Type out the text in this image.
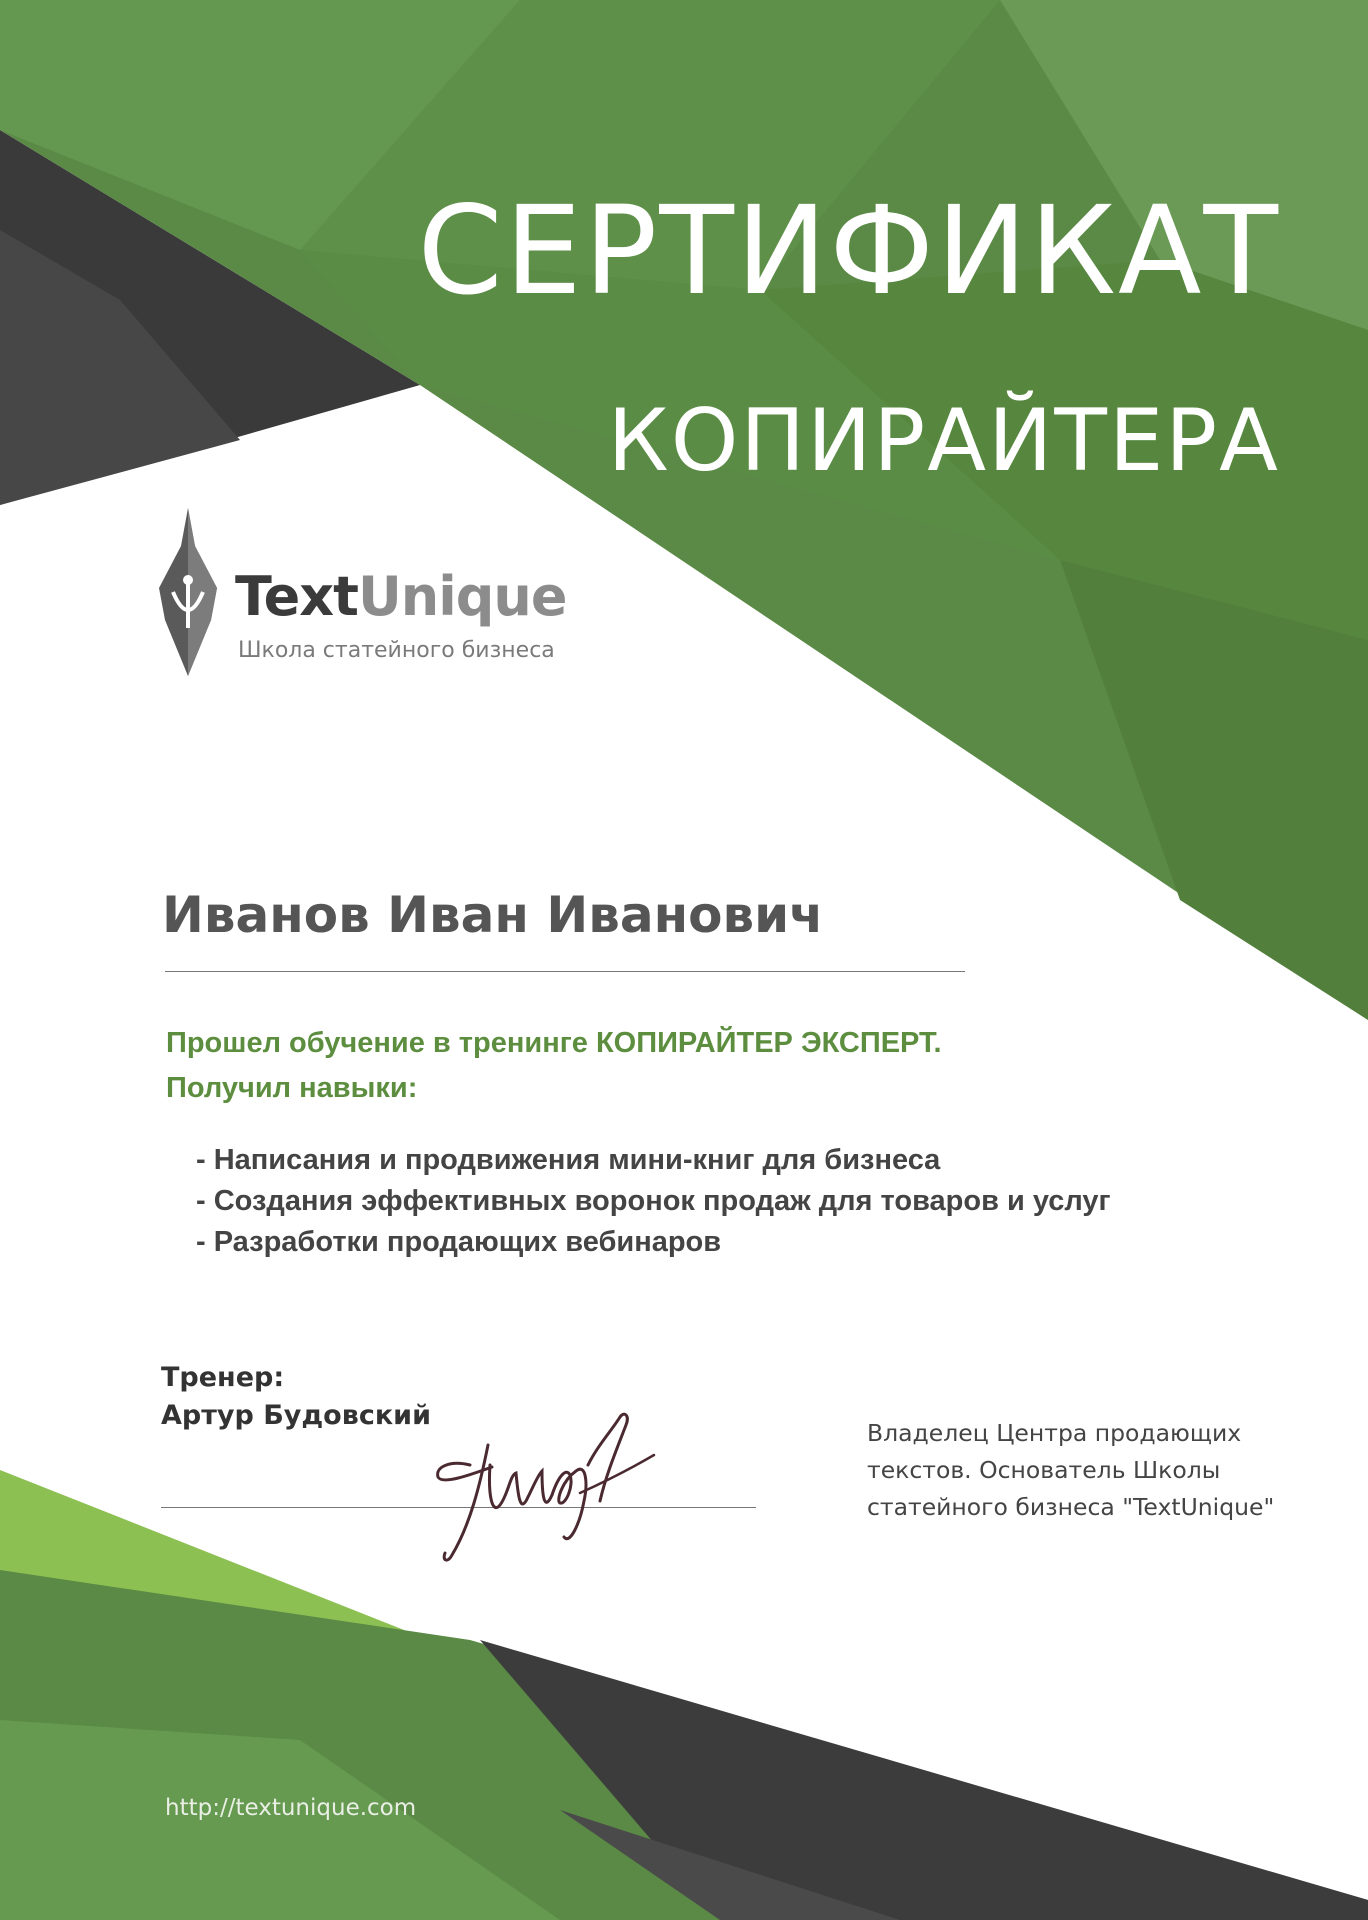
СЕРТИФИКАТ
КОПИРАЙТЕРА
TextUnique
Школа статейного бизнеса
Иванов Иван Иванович
Прошел обучение в тренинге КОПИРАЙТЕР ЭКСПЕРТ.
Получил навыки:
- Написания и продвижения мини-книг для бизнеса
- Создания эффективных воронок продаж для товаров и услуг
- Разработки продающих вебинаров
Тренер:
Артур Будовский
Владелец Центра продающих
текстов. Основатель Школы
статейного бизнеса "TextUnique"
http://textunique.com
